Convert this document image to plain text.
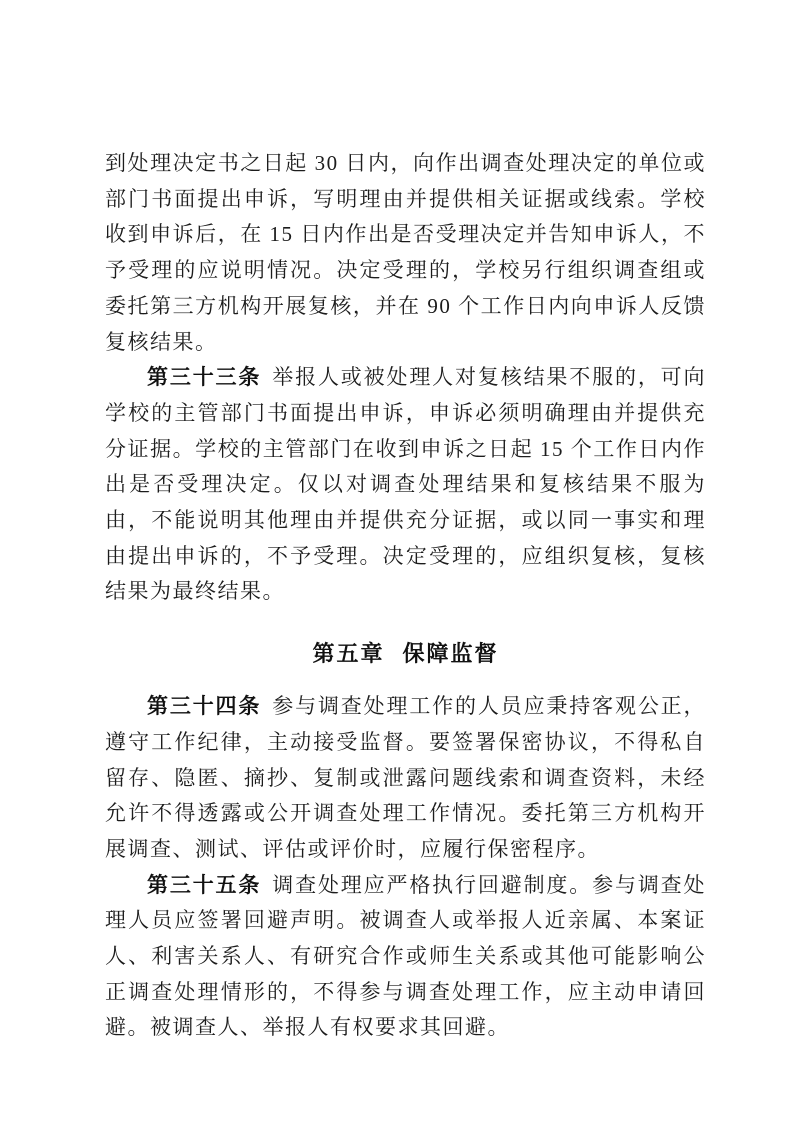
到处理决定书之日起 30 日内，向作出调查处理决定的单位或部门书面提出申诉，写明理由并提供相关证据或线索。学校收到申诉后，在 15 日内作出是否受理决定并告知申诉人，不予受理的应说明情况。决定受理的，学校另行组织调查组或委托第三方机构开展复核，并在 90 个工作日内向申诉人反馈复核结果。

第三十三条 举报人或被处理人对复核结果不服的，可向学校的主管部门书面提出申诉，申诉必须明确理由并提供充分证据。学校的主管部门在收到申诉之日起 15 个工作日内作出是否受理决定。仅以对调查处理结果和复核结果不服为由，不能说明其他理由并提供充分证据，或以同一事实和理由提出申诉的，不予受理。决定受理的，应组织复核，复核结果为最终结果。

第五章 保障监督

第三十四条 参与调查处理工作的人员应秉持客观公正，遵守工作纪律，主动接受监督。要签署保密协议，不得私自留存、隐匿、摘抄、复制或泄露问题线索和调查资料，未经允许不得透露或公开调查处理工作情况。委托第三方机构开展调查、测试、评估或评价时，应履行保密程序。

第三十五条 调查处理应严格执行回避制度。参与调查处理人员应签署回避声明。被调查人或举报人近亲属、本案证人、利害关系人、有研究合作或师生关系或其他可能影响公正调查处理情形的，不得参与调查处理工作，应主动申请回避。被调查人、举报人有权要求其回避。
